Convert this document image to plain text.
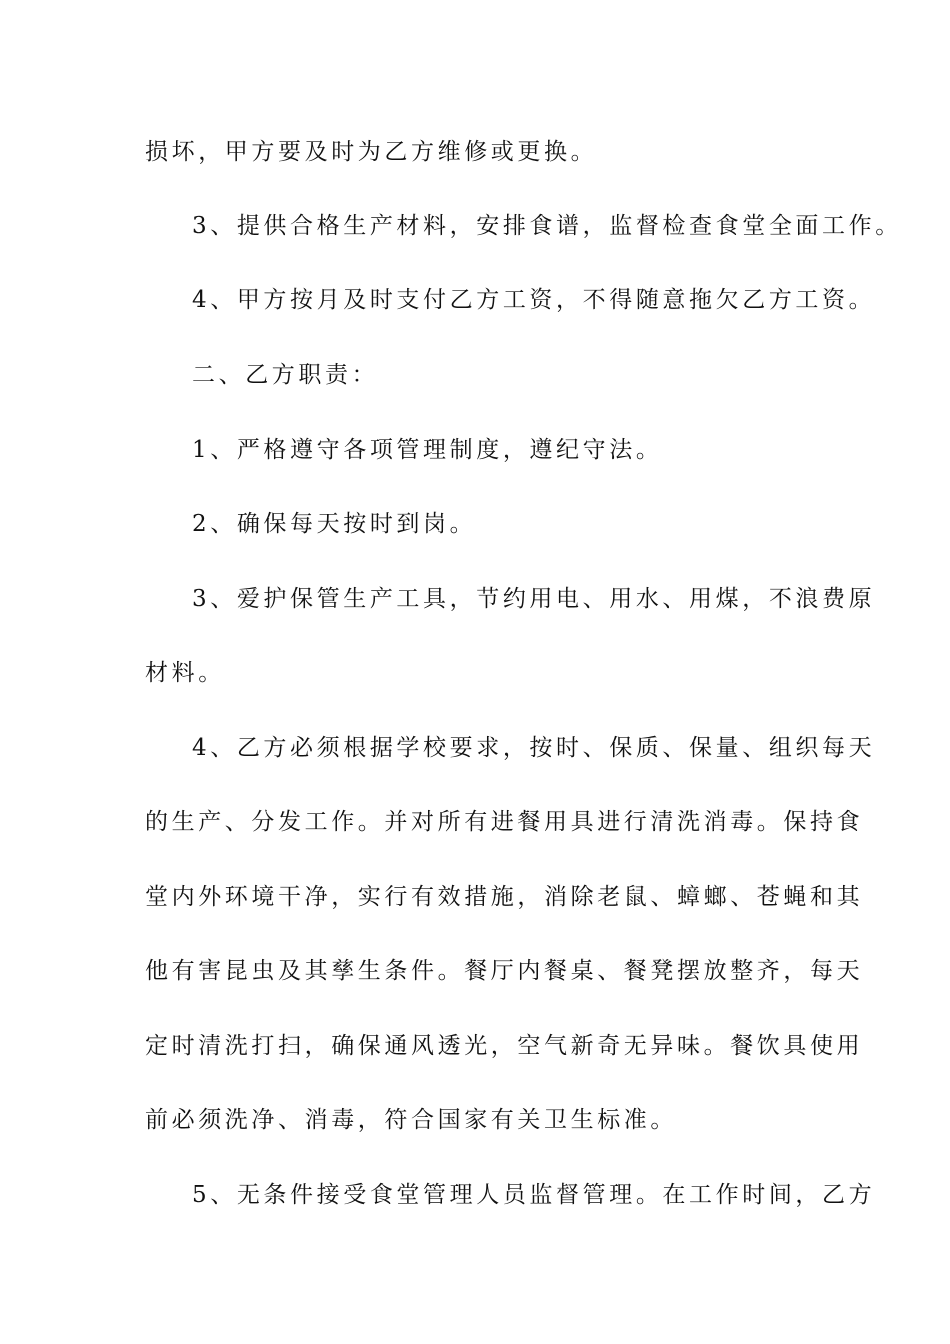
损坏，甲方要及时为乙方维修或更换。
3、提供合格生产材料，安排食谱，监督检查食堂全面工作。
4、甲方按月及时支付乙方工资，不得随意拖欠乙方工资。
二、乙方职责：
1、严格遵守各项管理制度，遵纪守法。
2、确保每天按时到岗。
3、爱护保管生产工具，节约用电、用水、用煤，不浪费原
材料。
4、乙方必须根据学校要求，按时、保质、保量、组织每天
的生产、分发工作。并对所有进餐用具进行清洗消毒。保持食
堂内外环境干净，实行有效措施，消除老鼠、蟑螂、苍蝇和其
他有害昆虫及其孳生条件。餐厅内餐桌、餐凳摆放整齐，每天
定时清洗打扫，确保通风透光，空气新奇无异味。餐饮具使用
前必须洗净、消毒，符合国家有关卫生标准。
5、无条件接受食堂管理人员监督管理。在工作时间，乙方
